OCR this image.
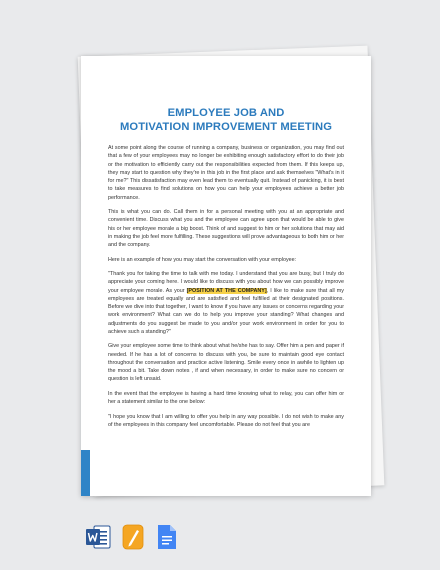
EMPLOYEE JOB AND
MOTIVATION IMPROVEMENT MEETING

At some point along the course of running a company, business or organization, you may find out that a few of your employees may no longer be exhibiting enough satisfactory effort to do their job or the motivation to efficiently carry out the responsibilities expected from them. If this keeps up, they may start to question why they're in this job in the first place and ask themselves "What's in it for me?" This dissatisfaction may even lead them to eventually quit. Instead of panicking, it is best to take measures to find solutions on how you can help your employees achieve a better job performance.

This is what you can do. Call them in for a personal meeting with you at an appropriate and convenient time. Discuss what you and the employee can agree upon that would be able to give his or her employee morale a big boost. Think of and suggest to him or her solutions that may aid in making the job feel more fulfilling. These suggestions will prove advantageous to both him or her and the company.

Here is an example of how you may start the conversation with your employee:

"Thank you for taking the time to talk with me today. I understand that you are busy, but I truly do appreciate your coming here. I would like to discuss with you about how we can possibly improve your employee morale. As your [POSITION AT THE COMPANY], I like to make sure that all my employees are treated equally and are satisfied and feel fulfilled at their designated positions. Before we dive into that together, I want to know if you have any issues or concerns regarding your work environment? What can we do to help you improve your standing? What changes and adjustments do you suggest be made to you and/or your work environment in order for you to achieve such a standing?"

Give your employee some time to think about what he/she has to say. Offer him a pen and paper if needed. If he has a lot of concerns to discuss with you, be sure to maintain good eye contact throughout the conversation and practice active listening. Smile every once in awhile to lighten up the mood a bit. Take down notes , if and when necessary, in order to make sure no concern or question is left unsaid.

In the event that the employee is having a hard time knowing what to relay, you can offer him or her a statement similar to the one below:

"I hope you know that I am willing to offer you help in any way possible. I do not wish to make any of the employees in this company feel uncomfortable. Please do not feel that you are
